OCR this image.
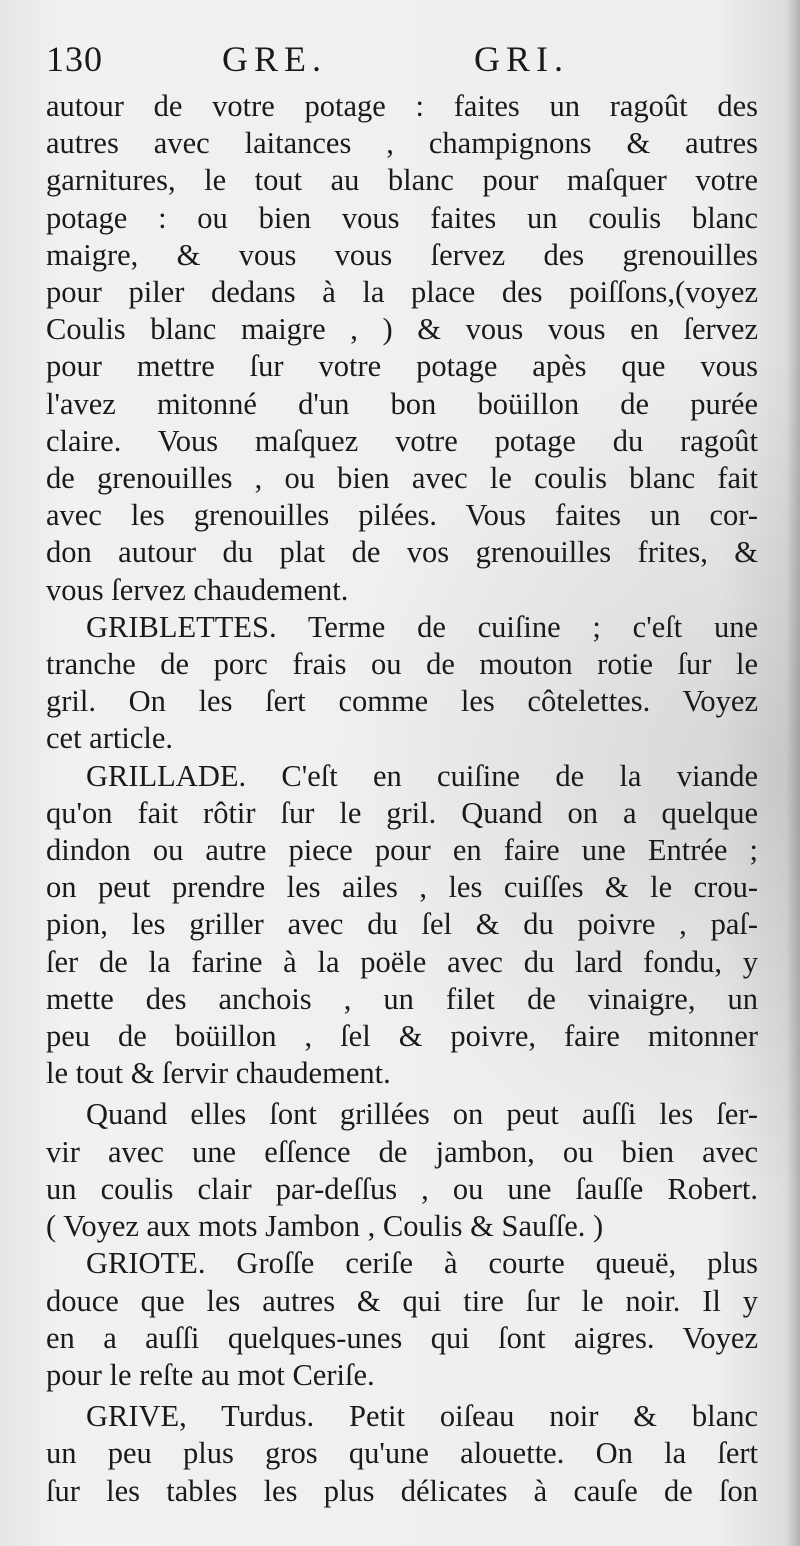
130	GRE.	GRI.
autour de votre potage : faites un ragoût des
autres avec laitances , champignons & autres
garnitures, le tout au blanc pour maſquer votre
potage : ou bien vous faites un coulis blanc
maigre, & vous vous ſervez des grenouilles
pour piler dedans à la place des poiſſons,(voyez
Coulis blanc maigre , ) & vous vous en ſervez
pour mettre ſur votre potage apès que vous
l'avez mitonné d'un bon boüillon de purée
claire. Vous maſquez votre potage du ragoût
de grenouilles , ou bien avec le coulis blanc fait
avec les grenouilles pilées. Vous faites un cor-
don autour du plat de vos grenouilles frites, &
vous ſervez chaudement.
GRIBLETTES. Terme de cuiſine ; c'eſt une
tranche de porc frais ou de mouton rotie ſur le
gril. On les ſert comme les côtelettes. Voyez
cet article.
GRILLADE. C'eſt en cuiſine de la viande
qu'on fait rôtir ſur le gril. Quand on a quelque
dindon ou autre piece pour en faire une Entrée ;
on peut prendre les ailes , les cuiſſes & le crou-
pion, les griller avec du ſel & du poivre , paſ-
ſer de la farine à la poële avec du lard fondu, y
mette des anchois , un filet de vinaigre, un
peu de boüillon , ſel & poivre, faire mitonner
le tout & ſervir chaudement.
Quand elles ſont grillées on peut auſſi les ſer-
vir avec une eſſence de jambon, ou bien avec
un coulis clair par-deſſus , ou une ſauſſe Robert.
( Voyez aux mots Jambon , Coulis & Sauſſe. )
GRIOTE. Groſſe ceriſe à courte queuë, plus
douce que les autres & qui tire ſur le noir. Il y
en a auſſi quelques-unes qui ſont aigres. Voyez
pour le reſte au mot Ceriſe.
GRIVE, Turdus. Petit oiſeau noir & blanc
un peu plus gros qu'une alouette. On la ſert
ſur les tables les plus délicates à cauſe de ſon
